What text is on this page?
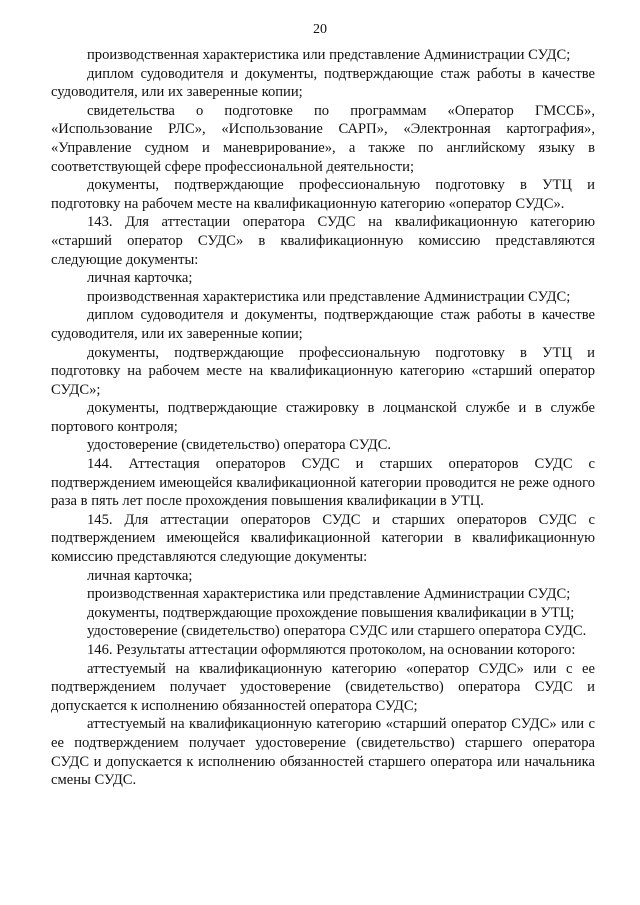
20

производственная характеристика или представление Администрации СУДС;

диплом судоводителя и документы, подтверждающие стаж работы в качестве судоводителя, или их заверенные копии;

свидетельства о подготовке по программам «Оператор ГМССБ», «Использование РЛС», «Использование САРП», «Электронная картография», «Управление судном и маневрирование», а также по английскому языку в соответствующей сфере профессиональной деятельности;

документы, подтверждающие профессиональную подготовку в УТЦ и подготовку на рабочем месте на квалификационную категорию «оператор СУДС».

143. Для аттестации оператора СУДС на квалификационную категорию «старший оператор СУДС» в квалификационную комиссию представляются следующие документы:

личная карточка;

производственная характеристика или представление Администрации СУДС;

диплом судоводителя и документы, подтверждающие стаж работы в качестве судоводителя, или их заверенные копии;

документы, подтверждающие профессиональную подготовку в УТЦ и подготовку на рабочем месте на квалификационную категорию «старший оператор СУДС»;

документы, подтверждающие стажировку в лоцманской службе и в службе портового контроля;

удостоверение (свидетельство) оператора СУДС.

144. Аттестация операторов СУДС и старших операторов СУДС с подтверждением имеющейся квалификационной категории проводится не реже одного раза в пять лет после прохождения повышения квалификации в УТЦ.

145. Для аттестации операторов СУДС и старших операторов СУДС с подтверждением имеющейся квалификационной категории в квалификационную комиссию представляются следующие документы:

личная карточка;

производственная характеристика или представление Администрации СУДС;

документы, подтверждающие прохождение повышения квалификации в УТЦ;

удостоверение (свидетельство) оператора СУДС или старшего оператора СУДС.

146. Результаты аттестации оформляются протоколом, на основании которого:

аттестуемый на квалификационную категорию «оператор СУДС» или с ее подтверждением получает удостоверение (свидетельство) оператора СУДС и допускается к исполнению обязанностей оператора СУДС;

аттестуемый на квалификационную категорию «старший оператор СУДС» или с ее подтверждением получает удостоверение (свидетельство) старшего оператора СУДС и допускается к исполнению обязанностей старшего оператора или начальника смены СУДС.
